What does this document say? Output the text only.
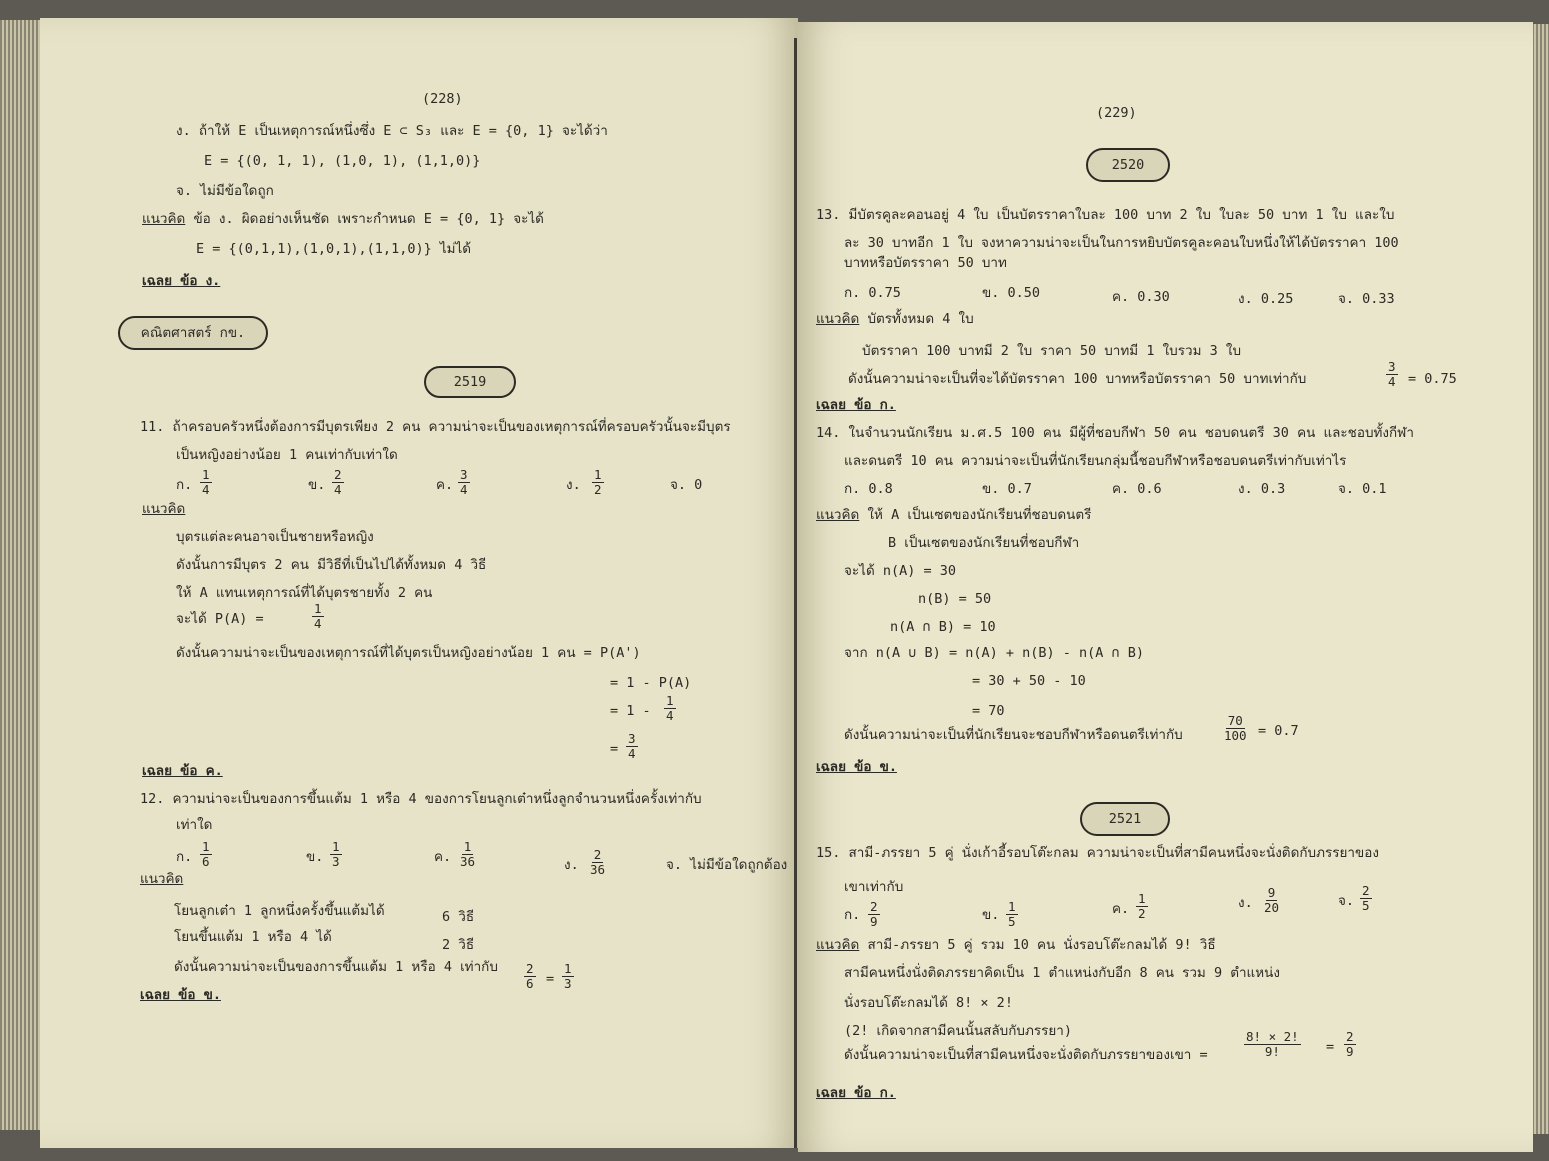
(228)
ง. ถ้าให้ E เป็นเหตุการณ์หนึ่งซึ่ง E ⊂ S₃ และ E = {0, 1} จะได้ว่า
E = {(0, 1, 1), (1,0, 1), (1,1,0)}
จ. ไม่มีข้อใดถูก
แนวคิด ข้อ ง. ผิดอย่างเห็นชัด เพราะกำหนด E = {0, 1} จะได้
E = {(0,1,1),(1,0,1),(1,1,0)} ไม่ได้
เฉลย ข้อ ง.
คณิตศาสตร์ กข.
2519
11. ถ้าครอบครัวหนึ่งต้องการมีบุตรเพียง 2 คน ความน่าจะเป็นของเหตุการณ์ที่ครอบครัวนั้นจะมีบุตร
เป็นหญิงอย่างน้อย 1 คนเท่ากับเท่าใด
ก. $\frac{1}{4}$	ข. $\frac{2}{4}$	ค. $\frac{3}{4}$	ง. $\frac{1}{2}$	จ. 0
แนวคิด
บุตรแต่ละคนอาจเป็นชายหรือหญิง
ดังนั้นการมีบุตร 2 คน มีวิธีที่เป็นไปได้ทั้งหมด 4 วิธี
ให้ A แทนเหตุการณ์ที่ได้บุตรชายทั้ง 2 คน
จะได้ P(A) =	$\frac{1}{4}$
ดังนั้นความน่าจะเป็นของเหตุการณ์ที่ได้บุตรเป็นหญิงอย่างน้อย 1 คน = P(A')
= 1 - P(A)
= $1 - \frac{1}{4}$
= $\frac{3}{4}$
เฉลย ข้อ ค.
12. ความน่าจะเป็นของการขึ้นแต้ม 1 หรือ 4 ของการโยนลูกเต๋าหนึ่งลูกจำนวนหนึ่งครั้งเท่ากับ
เท่าใด
ก. $\frac{1}{6}$	ข. $\frac{1}{3}$	ค. $\frac{1}{36}$	ง. $\frac{2}{36}$	จ. ไม่มีข้อใดถูกต้อง
แนวคิด
โยนลูกเต๋า 1 ลูกหนึ่งครั้งขึ้นแต้มได้	6 วิธี
โยนขึ้นแต้ม 1 หรือ 4 ได้	2 วิธี
ดังนั้นความน่าจะเป็นของการขึ้นแต้ม 1 หรือ 4 เท่ากับ $\frac{2}{6} = \frac{1}{3}$
เฉลย ข้อ ข.
(229)
2520
13. มีบัตรคูละคอนอยู่ 4 ใบ เป็นบัตรราคาใบละ 100 บาท 2 ใบ ใบละ 50 บาท 1 ใบ และใบ
ละ 30 บาทอีก 1 ใบ จงหาความน่าจะเป็นในการหยิบบัตรคูละคอนใบหนึ่งให้ได้บัตรราคา 100
บาทหรือบัตรราคา 50 บาท
ก. 0.75	ข. 0.50	ค. 0.30	ง. 0.25	จ. 0.33
แนวคิด บัตรทั้งหมด 4 ใบ
บัตรราคา 100 บาทมี 2 ใบ ราคา 50 บาทมี 1 ใบรวม 3 ใบ
ดังนั้นความน่าจะเป็นที่จะได้บัตรราคา 100 บาทหรือบัตรราคา 50 บาทเท่ากับ	$\frac{3}{4} = 0.75$
เฉลย ข้อ ก.
14. ในจำนวนนักเรียน ม.ศ.5 100 คน มีผู้ที่ชอบกีฬา 50 คน ชอบดนตรี 30 คน และชอบทั้งกีฬา
และดนตรี 10 คน ความน่าจะเป็นที่นักเรียนกลุ่มนี้ชอบกีฬาหรือชอบดนตรีเท่ากับเท่าไร
ก. 0.8	ข. 0.7	ค. 0.6	ง. 0.3	จ. 0.1
แนวคิด ให้ A เป็นเซตของนักเรียนที่ชอบดนตรี
B เป็นเซตของนักเรียนที่ชอบกีฬา
จะได้ n(A) = 30
n(B) = 50
n(A ∩ B) = 10
จาก n(A ∪ B) = n(A) + n(B) - n(A ∩ B)
= 30 + 50 - 10
= 70
ดังนั้นความน่าจะเป็นที่นักเรียนจะชอบกีฬาหรือดนตรีเท่ากับ	$\frac{70}{100} = 0.7$
เฉลย ข้อ ข.
2521
15. สามี-ภรรยา 5 คู่ นั่งเก้าอี้รอบโต๊ะกลม ความน่าจะเป็นที่สามีคนหนึ่งจะนั่งติดกับภรรยาของ
เขาเท่ากับ
ก. $\frac{2}{9}$	ข. $\frac{1}{5}$	ค. $\frac{1}{2}$	ง. $\frac{9}{20}$	จ. $\frac{2}{5}$
แนวคิด สามี-ภรรยา 5 คู่ รวม 10 คน นั่งรอบโต๊ะกลมได้ 9! วิธี
สามีคนหนึ่งนั่งติดภรรยาคิดเป็น 1 ตำแหน่งกับอีก 8 คน รวม 9 ตำแหน่ง
นั่งรอบโต๊ะกลมได้ 8! × 2!
(2! เกิดจากสามีคนนั้นสลับกับภรรยา)
ดังนั้นความน่าจะเป็นที่สามีคนหนึ่งจะนั่งติดกับภรรยาของเขา =	$\frac{8! \times 2!}{9!} = \frac{2}{9}$
เฉลย ข้อ ก.
